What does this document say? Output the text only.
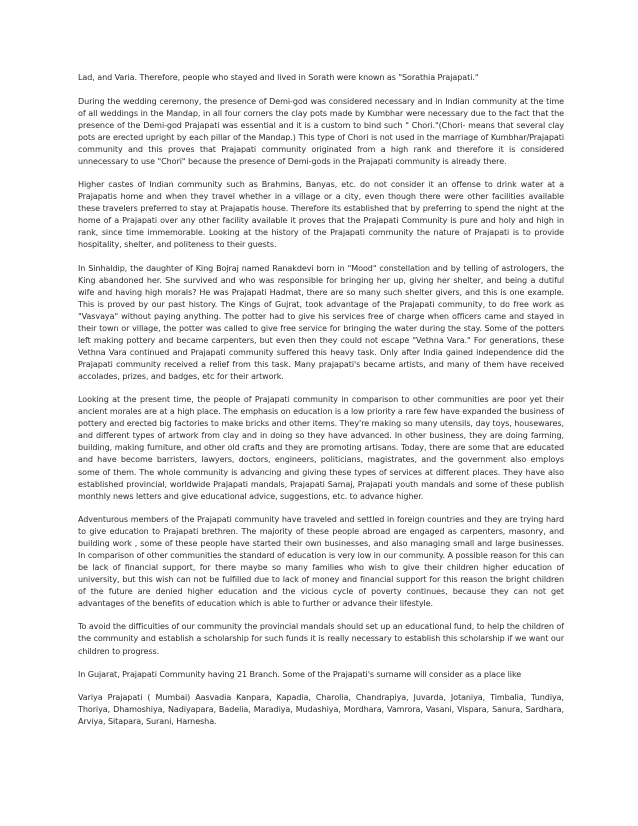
Lad, and Varia. Therefore, people who stayed and lived in Sorath were known as "Sorathia Prajapati."

During the wedding ceremony, the presence of Demi-god was considered necessary and in Indian community at the time of all weddings in the Mandap, in all four corners the clay pots made by Kumbhar were necessary due to the fact that the presence of the Demi-god Prajapati was essential and it is a custom to bind such " Chori."(Chori- means that several clay pots are erected upright by each pillar of the Mandap.) This type of Chori is not used in the marriage of Kumbhar/Prajapati community and this proves that Prajapati community originated from a high rank and therefore it is considered unnecessary to use "Chori" because the presence of Demi-gods in the Prajapati community is already there.

Higher castes of Indian community such as Brahmins, Banyas, etc. do not consider it an offense to drink water at a Prajapatis home and when they travel whether in a village or a city, even though there were other facilities available these travelers preferred to stay at Prajapatis house. Therefore its established that by preferring to spend the night at the home of a Prajapati over any other facility available it proves that the Prajapati Community is pure and holy and high in rank, since time immemorable. Looking at the history of the Prajapati community the nature of Prajapati is to provide hospitality, shelter, and politeness to their guests.

In Sinhaldip, the daughter of King Bojraj named Ranakdevi born in "Mood" constellation and by telling of astrologers, the King abandoned her. She survived and who was responsible for bringing her up, giving her shelter, and being a dutiful wife and having high morals? He was Prajapati Hadmat, there are so many such shelter givers, and this is one example. This is proved by our past history. The Kings of Gujrat, took advantage of the Prajapati community, to do free work as "Vasvaya" without paying anything. The potter had to give his services free of charge when officers came and stayed in their town or village, the potter was called to give free service for bringing the water during the stay. Some of the potters left making pottery and became carpenters, but even then they could not escape "Vethna Vara." For generations, these Vethna Vara continued and Prajapati community suffered this heavy task. Only after India gained independence did the Prajapati community received a relief from this task. Many prajapati's became artists, and many of them have received accolades, prizes, and badges, etc for their artwork.

Looking at the present time, the people of Prajapati community in comparison to other communities are poor yet their ancient morales are at a high place. The emphasis on education is a low priority a rare few have expanded the business of pottery and erected big factories to make bricks and other items. They're making so many utensils, day toys, housewares, and different types of artwork from clay and in doing so they have advanced. In other business, they are doing farming, building, making furniture, and other old crafts and they are promoting artisans. Today, there are some that are educated and have become barristers, lawyers, doctors, engineers, politicians, magistrates, and the government also employs some of them. The whole community is advancing and giving these types of services at different places. They have also established provincial, worldwide Prajapati mandals, Prajapati Samaj, Prajapati youth mandals and some of these publish monthly news letters and give educational advice, suggestions, etc. to advance higher.

Adventurous members of the Prajapati community have traveled and settled in foreign countries and they are trying hard to give education to Prajapati brethren. The majority of these people abroad are engaged as carpenters, masonry, and building work , some of these people have started their own businesses, and also managing small and large businesses. In comparison of other communities the standard of education is very low in our community. A possible reason for this can be lack of financial support, for there maybe so many families who wish to give their children higher education of university, but this wish can not be fulfilled due to lack of money and financial support for this reason the bright children of the future are denied higher education and the vicious cycle of poverty continues, because they can not get advantages of the benefits of education which is able to further or advance their lifestyle.

To avoid the difficulties of our community the provincial mandals should set up an educational fund, to help the children of the community and establish a scholarship for such funds it is really necessary to establish this scholarship if we want our children to progress.

In Gujarat, Prajapati Community having 21 Branch. Some of the Prajapati's surname will consider as a place like

Variya Prajapati ( Mumbai) Aasvadia Kanpara, Kapadia, Charolia, Chandrapiya, Juvarda, Jotaniya, Timbalia, Tundiya, Thoriya, Dhamoshiya, Nadiyapara, Badelia, Maradiya, Mudashiya, Mordhara, Vamrora, Vasani, Vispara, Sanura, Sardhara, Arviya, Sitapara, Surani, Harnesha.
